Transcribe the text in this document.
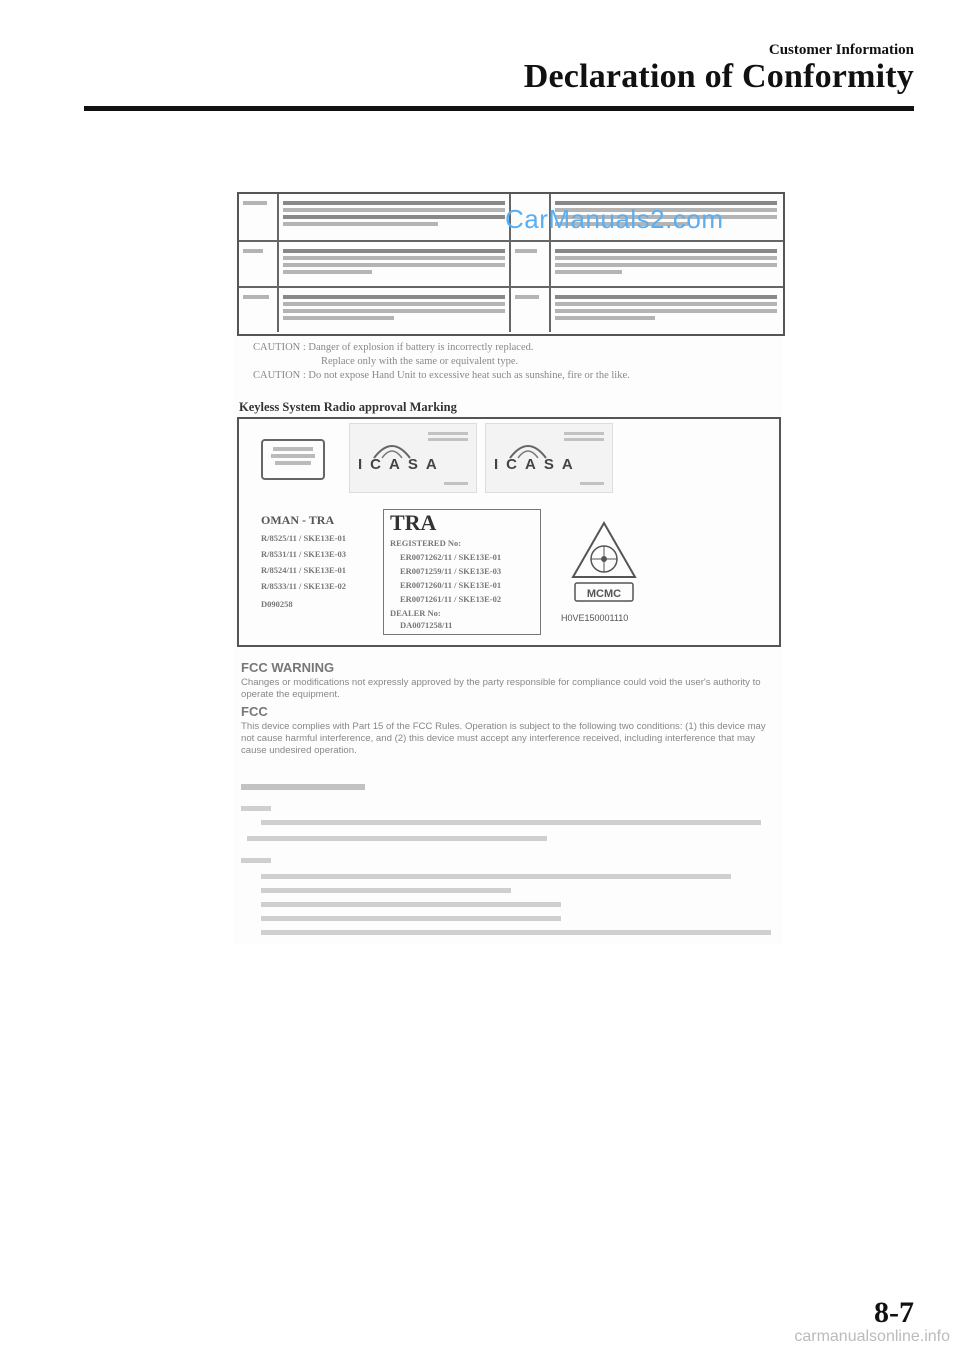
Customer Information
Declaration of Conformity
CarManuals2.com
CAUTION : Danger of explosion if battery is incorrectly replaced.
Replace only with the same or equivalent type.
CAUTION : Do not expose Hand Unit to excessive heat such as sunshine, fire or the like.
Keyless System Radio approval Marking
ICASA	ICASA
OMAN - TRA
R/8525/11 / SKE13E-01
R/8531/11 / SKE13E-03
R/8524/11 / SKE13E-01
R/8533/11 / SKE13E-02
D090258
TRA
REGISTERED No:
ER0071262/11 / SKE13E-01
ER0071259/11 / SKE13E-03
ER0071260/11 / SKE13E-01
ER0071261/11 / SKE13E-02
DEALER No:
DA0071258/11
MCMC
H0VE150001110
FCC WARNING
Changes or modifications not expressly approved by the party responsible for compliance could void the user's authority to operate the equipment.
FCC
This device complies with Part 15 of the FCC Rules. Operation is subject to the following two conditions: (1) this device may not cause harmful interference, and (2) this device must accept any interference received, including interference that may cause undesired operation.
8-7
carmanualsonline.info
